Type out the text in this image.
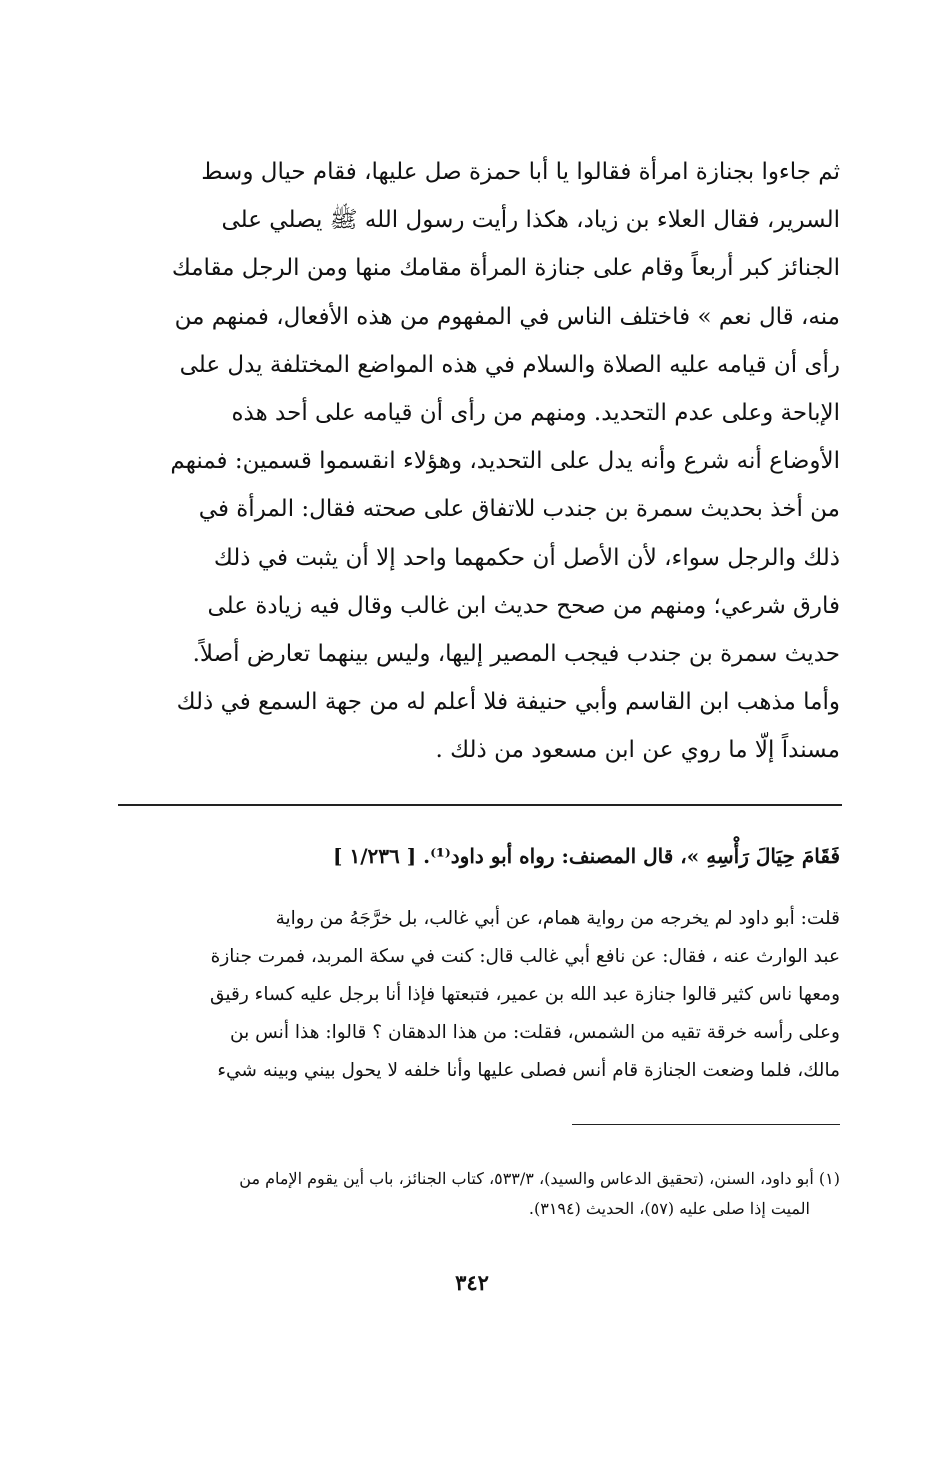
ثم جاءوا بجنازة امرأة فقالوا يا أبا حمزة صل عليها، فقام حيال وسط
السرير، فقال العلاء بن زياد، هكذا رأيت رسول الله ﷺ يصلي على
الجنائز كبر أربعاً وقام على جنازة المرأة مقامك منها ومن الرجل مقامك
منه، قال نعم » فاختلف الناس في المفهوم من هذه الأفعال، فمنهم من
رأى أن قيامه عليه الصلاة والسلام في هذه المواضع المختلفة يدل على
الإباحة وعلى عدم التحديد. ومنهم من رأى أن قيامه على أحد هذه
الأوضاع أنه شرع وأنه يدل على التحديد، وهؤلاء انقسموا قسمين: فمنهم
من أخذ بحديث سمرة بن جندب للاتفاق على صحته فقال: المرأة في
ذلك والرجل سواء، لأن الأصل أن حكمهما واحد إلا أن يثبت في ذلك
فارق شرعي؛ ومنهم من صحح حديث ابن غالب وقال فيه زيادة على
حديث سمرة بن جندب فيجب المصير إليها، وليس بينهما تعارض أصلاً.
وأما مذهب ابن القاسم وأبي حنيفة فلا أعلم له من جهة السمع في ذلك
مسنداً إلّا ما روي عن ابن مسعود من ذلك .
فَقَامَ حِيَالَ رَأْسِهِ »، قال المصنف: رواه أبو داود⁽¹⁾. [ ١/٢٣٦ ]
قلت: أبو داود لم يخرجه من رواية همام، عن أبي غالب، بل خرَّجَهُ من رواية
عبد الوارث عنه ، فقال: عن نافع أبي غالب قال: كنت في سكة المربد، فمرت جنازة
ومعها ناس كثير قالوا جنازة عبد الله بن عمير، فتبعتها فإذا أنا برجل عليه كساء رقيق
وعلى رأسه خرقة تقيه من الشمس، فقلت: من هذا الدهقان ؟ قالوا: هذا أنس بن
مالك، فلما وضعت الجنازة قام أنس فصلى عليها وأنا خلفه لا يحول بيني وبينه شيء
(١) أبو داود، السنن، (تحقيق الدعاس والسيد)، ٥٣٣/٣، كتاب الجنائز، باب أين يقوم الإمام من
الميت إذا صلى عليه (٥٧)، الحديث (٣١٩٤).
٣٤٢
